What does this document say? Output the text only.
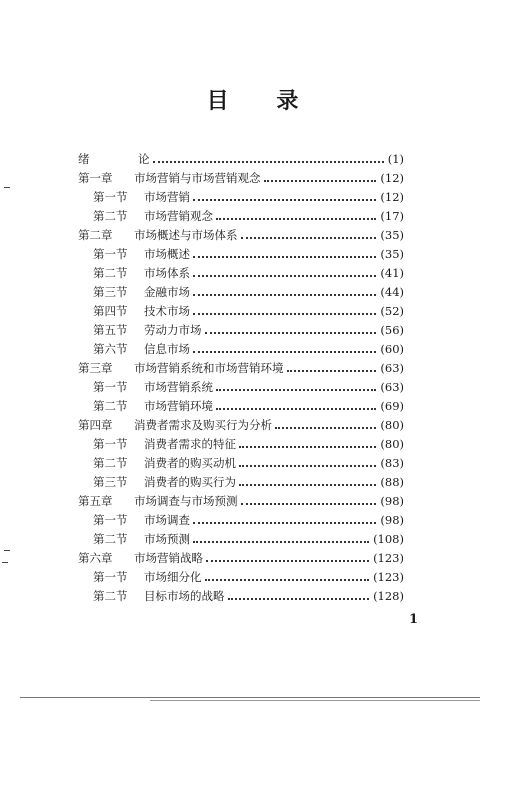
目 录
绪	论	(1)
第一章	市场营销与市场营销观念	(12)
第一节	市场营销	(12)
第二节	市场营销观念	(17)
第二章	市场概述与市场体系	(35)
第一节	市场概述	(35)
第二节	市场体系	(41)
第三节	金融市场	(44)
第四节	技术市场	(52)
第五节	劳动力市场	(56)
第六节	信息市场	(60)
第三章	市场营销系统和市场营销环境	(63)
第一节	市场营销系统	(63)
第二节	市场营销环境	(69)
第四章	消费者需求及购买行为分析	(80)
第一节	消费者需求的特征	(80)
第二节	消费者的购买动机	(83)
第三节	消费者的购买行为	(88)
第五章	市场调查与市场预测	(98)
第一节	市场调查	(98)
第二节	市场预测	(108)
第六章	市场营销战略	(123)
第一节	市场细分化	(123)
第二节	目标市场的战略	(128)
1
